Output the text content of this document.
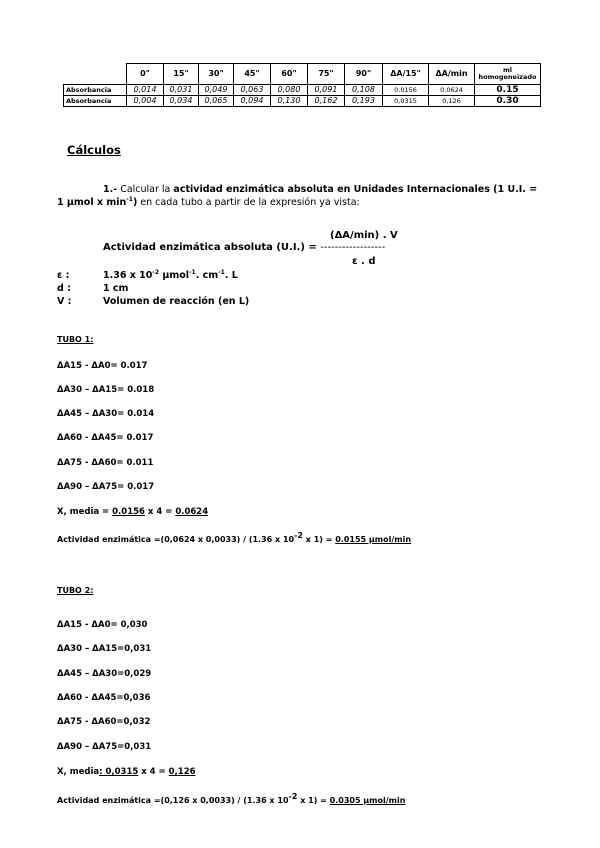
	0"	15"	30"	45"	60"	75"	90"	ΔA/15"	ΔA/min	ml homogeneizado
Absorbancia	0,014	0,031	0,049	0,063	0,080	0,091	0,108	0.0156	0.0624	0.15
Absorbancia	0,004	0,034	0,065	0,094	0,130	0,162	0,193	0,0315	0,126	0.30
Cálculos
1.- Calcular la actividad enzimática absoluta en Unidades Internacionales (1 U.I. =
1 μmol x $\min^{-1}$) en cada tubo a partir de la expresión ya vista:
(ΔA/min) . V
Actividad enzimática absoluta (U.I.) = ------------------
ε . d
ε :	1.36 x $10^{-2}$ μmol$^{-1}$. $cm^{-1}$. L
d :	1 cm
V :	Volumen de reacción (en L)
TUBO 1:
ΔA15 - ΔA0= 0.017
ΔA30 – ΔA15= 0.018
ΔA45 – ΔA30= 0.014
ΔA60 - ΔA45= 0.017
ΔA75 - ΔA60= 0.011
ΔA90 – ΔA75= 0.017
X, media = 0.0156 x 4 = 0.0624
Actividad enzimática =(0,0624 x 0,0033) / (1.36 x $10^{-2}$ x 1) = 0.0155 μmol/min
TUBO 2:
ΔA15 - ΔA0= 0,030
ΔA30 – ΔA15=0,031
ΔA45 – ΔA30=0,029
ΔA60 - ΔA45=0,036
ΔA75 - ΔA60=0,032
ΔA90 – ΔA75=0,031
X, media: 0,0315 x 4 = 0,126
Actividad enzimática =(0,126 x 0,0033) / (1.36 x $10^{-2}$ x 1) = 0.0305 μmol/min
